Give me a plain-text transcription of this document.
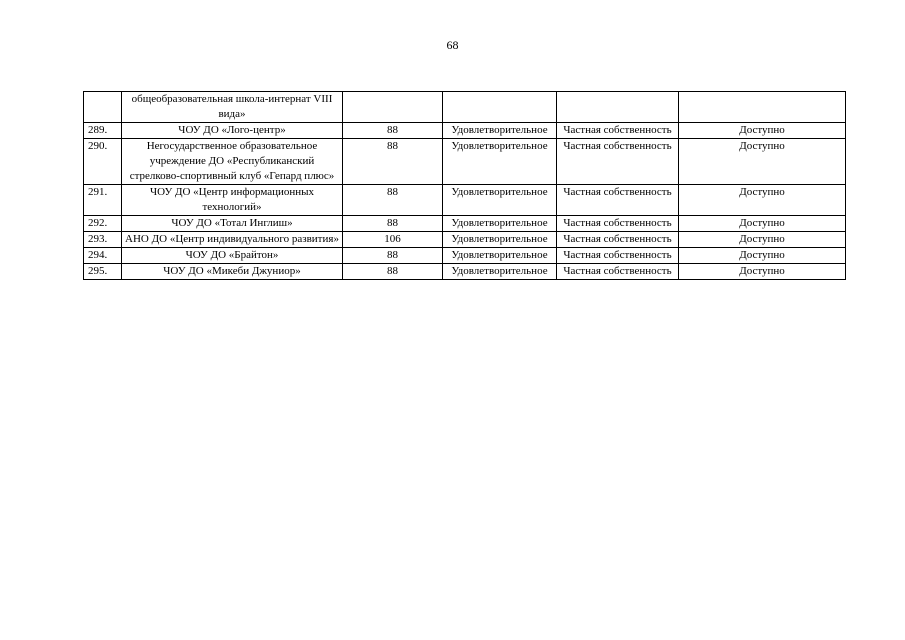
68
	общеобразовательная школа-интернат VIII вида»				
289.	ЧОУ ДО «Лого-центр»	88	Удовлетворительное	Частная собственность	Доступно
290.	Негосударственное образовательное учреждение ДО «Республиканский стрелково-спортивный клуб «Гепард плюс»	88	Удовлетворительное	Частная собственность	Доступно
291.	ЧОУ ДО «Центр информационных технологий»	88	Удовлетворительное	Частная собственность	Доступно
292.	ЧОУ ДО «Тотал Инглиш»	88	Удовлетворительное	Частная собственность	Доступно
293.	АНО ДО «Центр индивидуального развития»	106	Удовлетворительное	Частная собственность	Доступно
294.	ЧОУ ДО «Брайтон»	88	Удовлетворительное	Частная собственность	Доступно
295.	ЧОУ ДО «Микеби Джуниор»	88	Удовлетворительное	Частная собственность	Доступно
